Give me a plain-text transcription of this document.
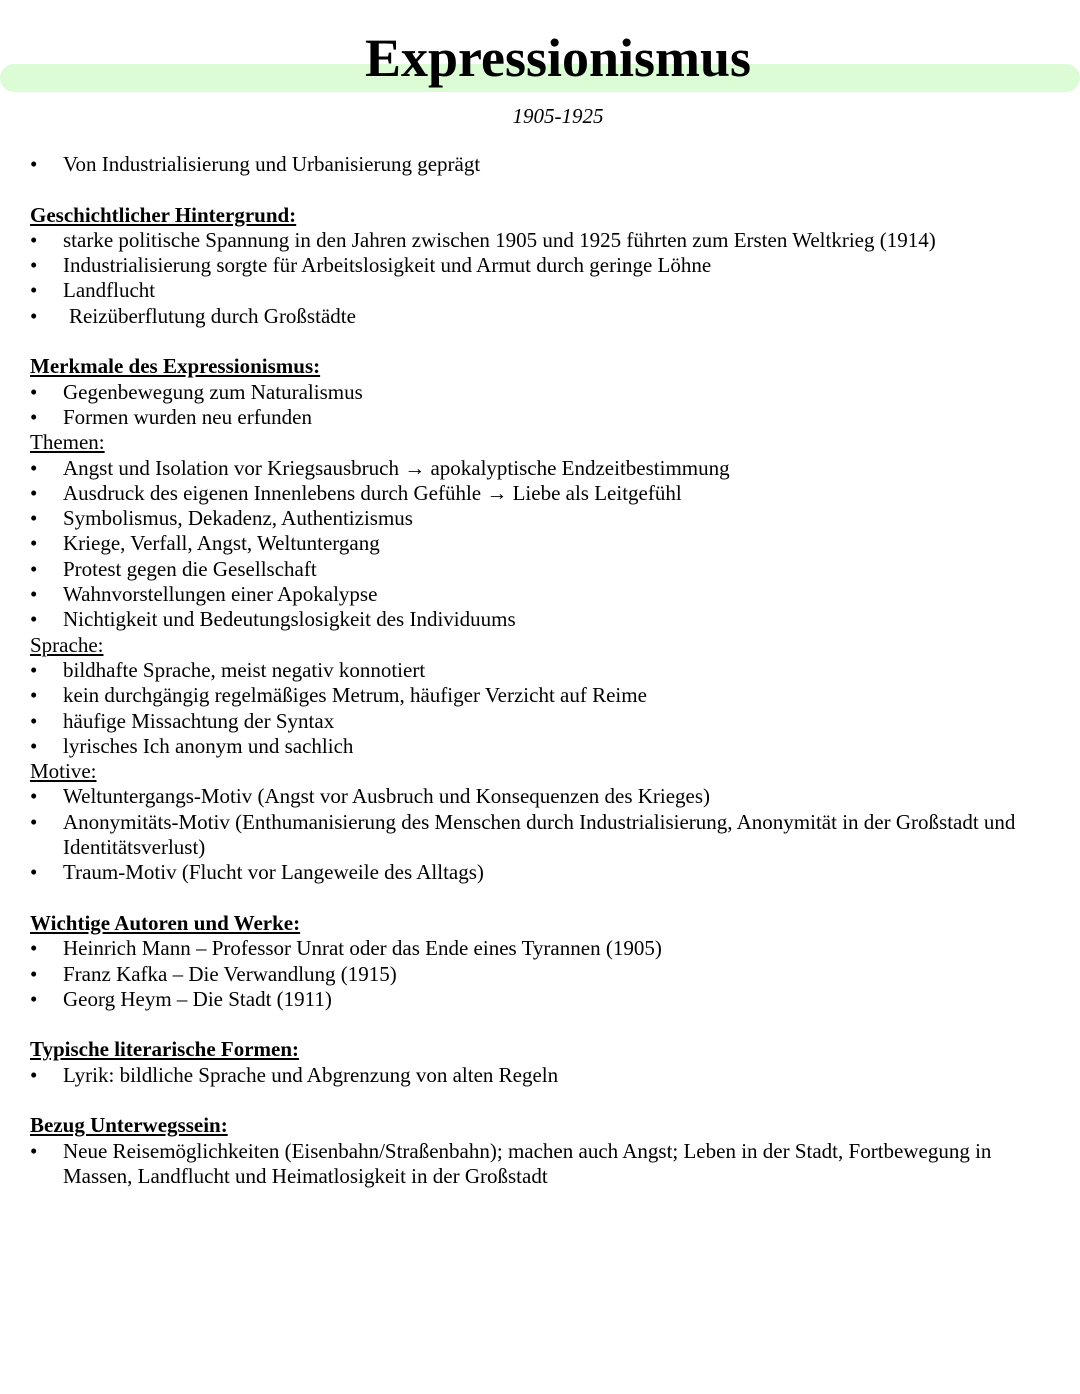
Expressionismus
1905-1925
• Von Industrialisierung und Urbanisierung geprägt
Geschichtlicher Hintergrund:
• starke politische Spannung in den Jahren zwischen 1905 und 1925 führten zum Ersten Weltkrieg (1914)
• Industrialisierung sorgte für Arbeitslosigkeit und Armut durch geringe Löhne
• Landflucht
• Reizüberflutung durch Großstädte
Merkmale des Expressionismus:
• Gegenbewegung zum Naturalismus
• Formen wurden neu erfunden
Themen:
• Angst und Isolation vor Kriegsausbruch → apokalyptische Endzeitbestimmung
• Ausdruck des eigenen Innenlebens durch Gefühle → Liebe als Leitgefühl
• Symbolismus, Dekadenz, Authentizismus
• Kriege, Verfall, Angst, Weltuntergang
• Protest gegen die Gesellschaft
• Wahnvorstellungen einer Apokalypse
• Nichtigkeit und Bedeutungslosigkeit des Individuums
Sprache:
• bildhafte Sprache, meist negativ konnotiert
• kein durchgängig regelmäßiges Metrum, häufiger Verzicht auf Reime
• häufige Missachtung der Syntax
• lyrisches Ich anonym und sachlich
Motive:
• Weltuntergangs-Motiv (Angst vor Ausbruch und Konsequenzen des Krieges)
• Anonymitäts-Motiv (Enthumanisierung des Menschen durch Industrialisierung, Anonymität in der Großstadt und Identitätsverlust)
• Traum-Motiv (Flucht vor Langeweile des Alltags)
Wichtige Autoren und Werke:
• Heinrich Mann – Professor Unrat oder das Ende eines Tyrannen (1905)
• Franz Kafka – Die Verwandlung (1915)
• Georg Heym – Die Stadt (1911)
Typische literarische Formen:
• Lyrik: bildliche Sprache und Abgrenzung von alten Regeln
Bezug Unterwegssein:
• Neue Reisemöglichkeiten (Eisenbahn/Straßenbahn); machen auch Angst; Leben in der Stadt, Fortbewegung in Massen, Landflucht und Heimatlosigkeit in der Großstadt
